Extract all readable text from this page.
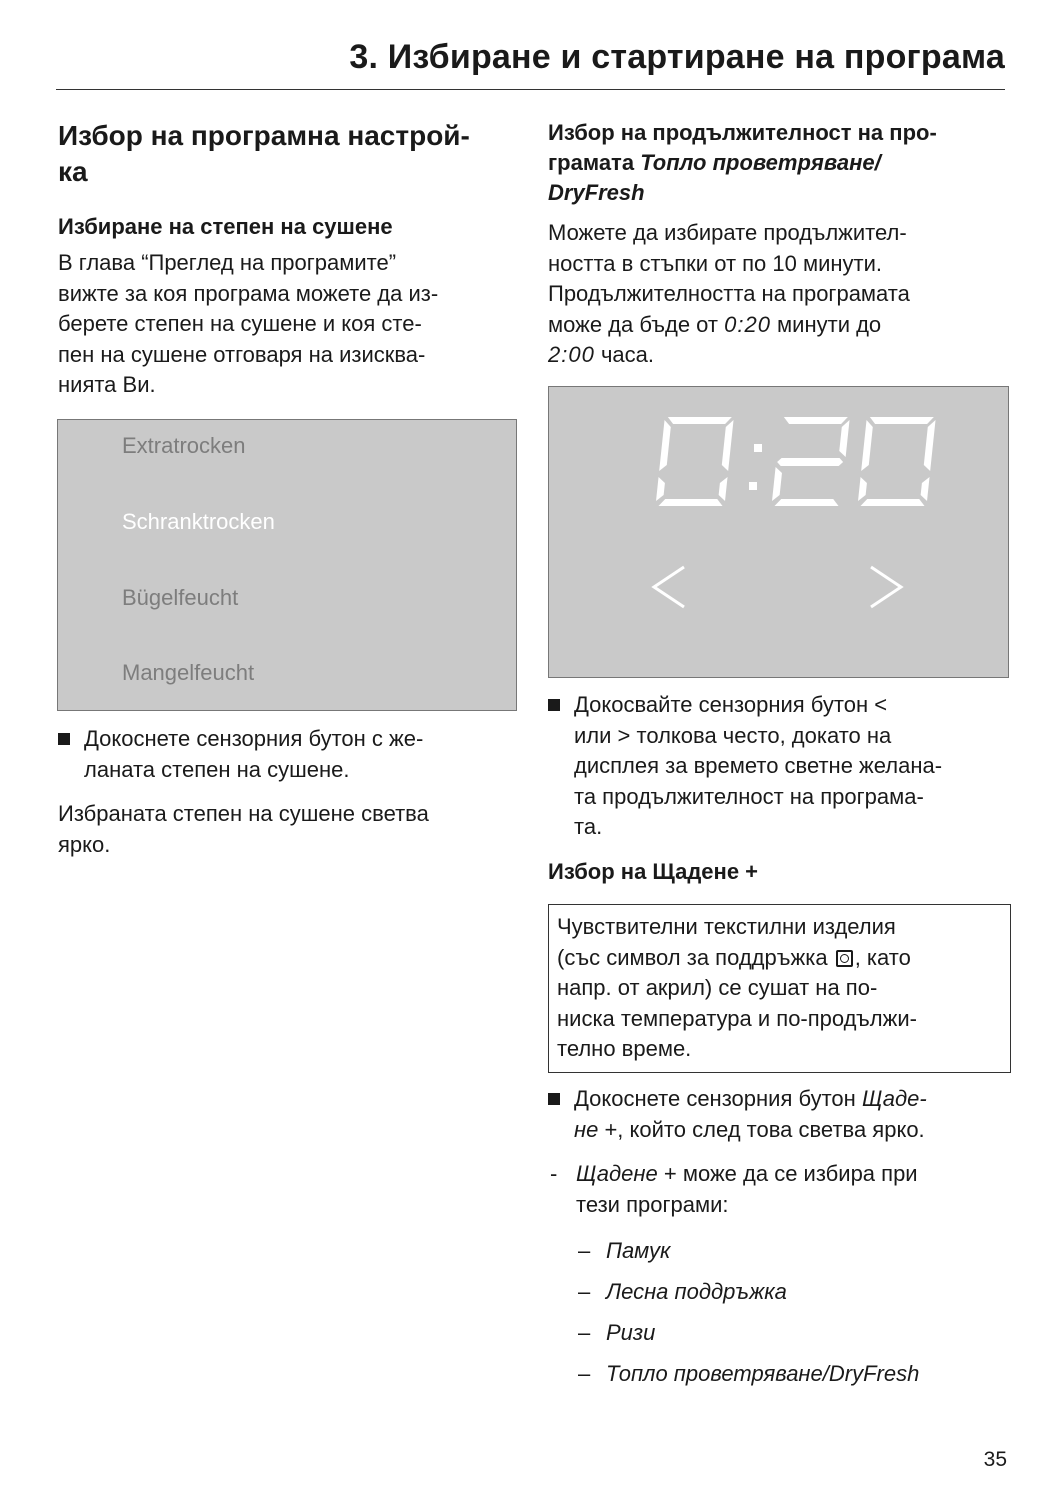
3. Избиране и стартиране на програма

Избор на програмна настрой-

ка

Избиране на степен на сушене

В глава “Преглед на програмите”

вижте за коя програма можете да из-

берете степен на сушене и коя сте-

пен на сушене отговаря на изисква-

нията Ви.

Extratrocken
Schranktrocken
Bügelfeucht
Mangelfeucht

Докоснете сензорния бутон с же-

ланата степен на сушене.

Избраната степен на сушене светва

ярко.

Избор на продължителност на про-

грамата Топло проветряване/

DryFresh

Можете да избирате продължител-

ността в стъпки от по 10 минути.

Продължителността на програмата

може да бъде от 0:20 минути до

2:00 часа.

Докосвайте сензорния бутон <

или > толкова често, докато на

дисплея за времето светне желана-

та продължителност на програма-

та.

Избор на Щадене +

Чувствителни текстилни изделия

(със символ за поддръжка , като

напр. от акрил) се сушат на по-

ниска температура и по-продължи-

телно време.

Докоснете сензорния бутон Щаде-

не +, който след това светва ярко.

- Щадене + може да се избира при

тези програми:

– Памук
– Лесна поддръжка
– Ризи
– Топло проветряване/DryFresh
35
